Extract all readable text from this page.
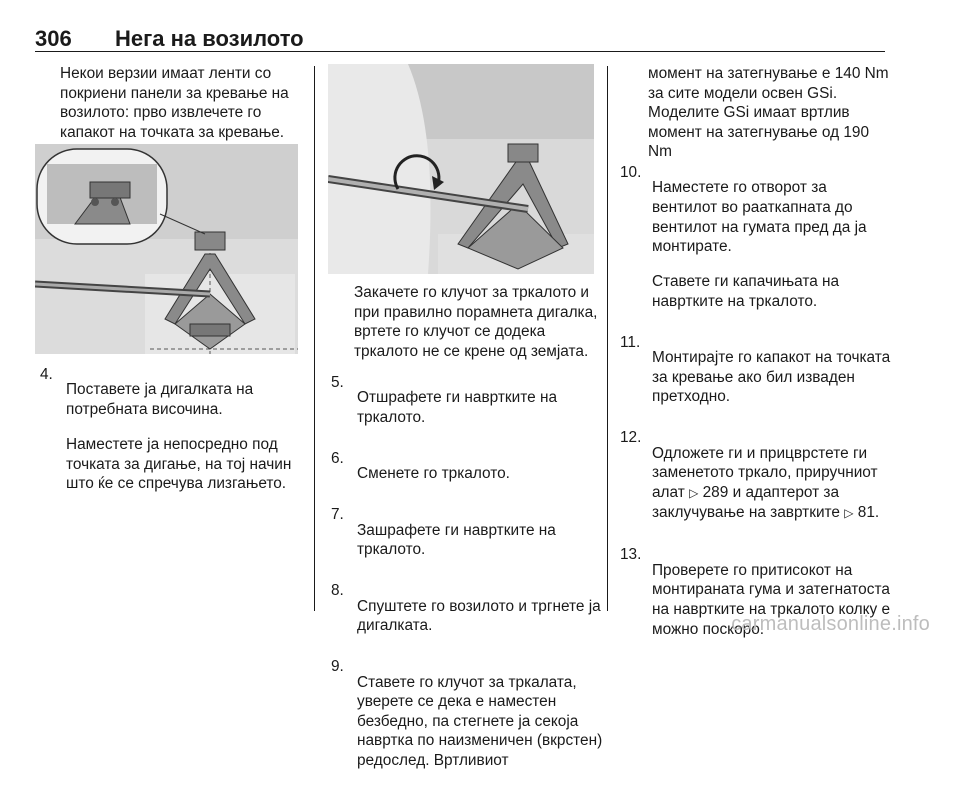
306 Нега на возилото
Некои верзии имаат ленти со покриени панели за кревање на возилото: прво извлечете го капакот на точката за кревање.
4.

Поставете ја дигалката на потребната височина.

Наместете ја непосредно под точката за дигање, на тој начин што ќе се спречува лизгањето.

Закачете го клучот за тркалото и при правилно порамнета дигалка, вртете го клучот се додека тркалото не се крене од земјата.
5.

Отшрафете ги навртките на тркалото.

6.

Сменете го тркалото.

7.

Зашрафете ги навртките на тркалото.

8.

Спуштете го возилото и тргнете ја дигалката.

9.

Ставете го клучот за тркалата, уверете се дека е наместен безбедно, па стегнете ја секоја навртка по наизменичен (вкрстен) редослед. Вртливиот

момент на затегнување е 140 Nm за сите модели освен GSi. Моделите GSi имаат вртлив момент на затегнување од 190 Nm
10.

Наместете го отворот за вентилот во рааткапната до вентилот на гумата пред да ја монтирате.

Ставете ги капачињата на навртките на тркалото.

11.

Монтирајте го капакот на точката за кревање ако бил изваден претходно.

12.

Одложете ги и прицврстете ги заменетото тркало, приручниот алат ▷ 289 и адаптерот за заклучување на завртките ▷ 81.

13.

Проверете го притисокот на монтираната гума и затегнатоста на навртките на тркалото колку е можно поскоро.

carmanualsonline.info
